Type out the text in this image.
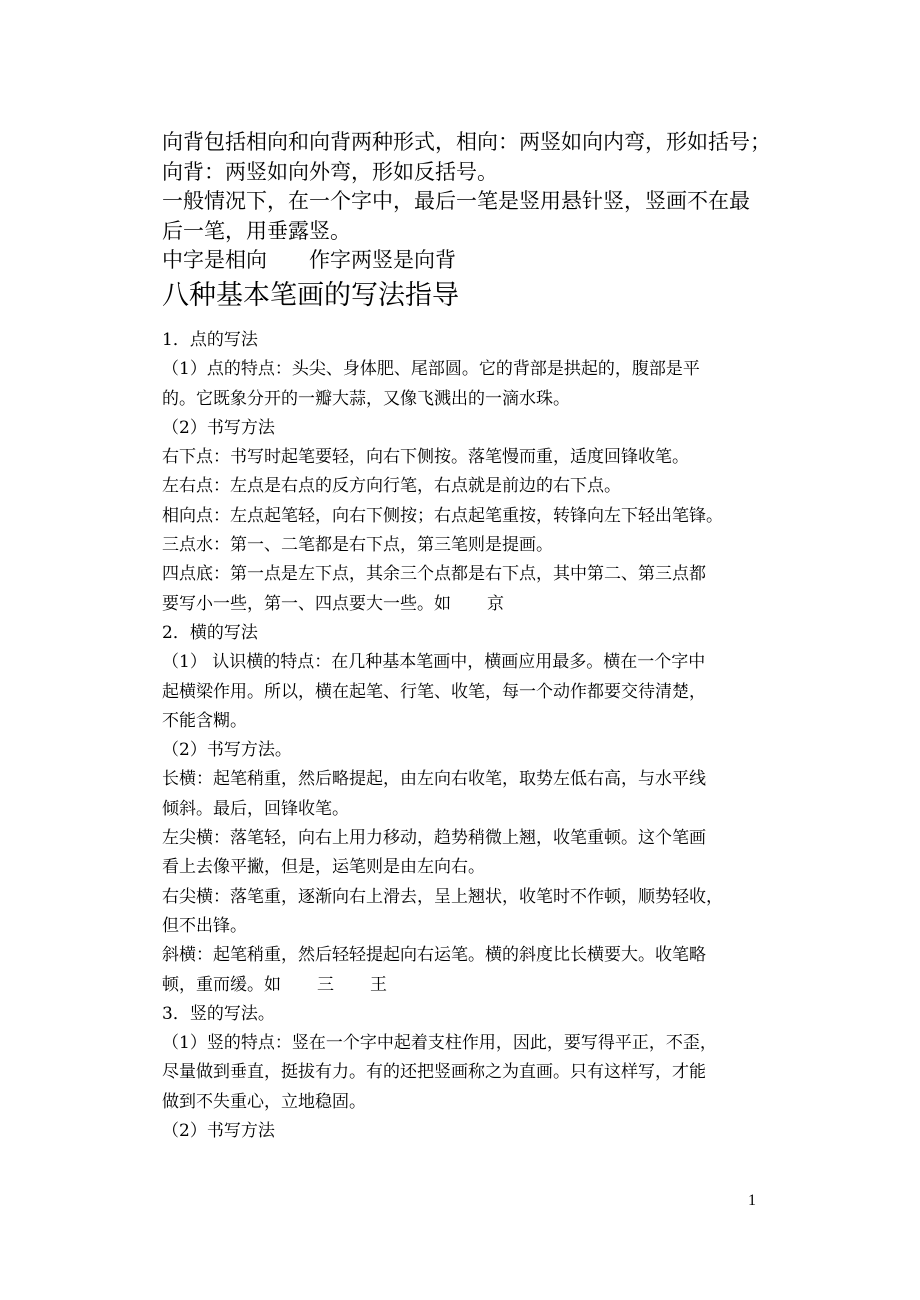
向背包括相向和向背两种形式，相向：两竖如向内弯，形如括号；

向背：两竖如向外弯，形如反括号。

一般情况下，在一个字中，最后一笔是竖用悬针竖，竖画不在最

后一笔，用垂露竖。

中字是相向 作字两竖是向背

八种基本笔画的写法指导

1．点的写法

（1）点的特点：头尖、身体肥、尾部圆。它的背部是拱起的，腹部是平

的。它既象分开的一瓣大蒜，又像飞溅出的一滴水珠。

（2）书写方法

右下点：书写时起笔要轻，向右下侧按。落笔慢而重，适度回锋收笔。

左右点：左点是右点的反方向行笔，右点就是前边的右下点。

相向点：左点起笔轻，向右下侧按；右点起笔重按，转锋向左下轻出笔锋。

三点水：第一、二笔都是右下点，第三笔则是提画。

四点底：第一点是左下点，其余三个点都是右下点，其中第二、第三点都

要写小一些，第一、四点要大一些。如 京

2．横的写法

（1） 认识横的特点：在几种基本笔画中，横画应用最多。横在一个字中

起横梁作用。所以，横在起笔、行笔、收笔，每一个动作都要交待清楚，

不能含糊。

（2）书写方法。

长横：起笔稍重，然后略提起，由左向右收笔，取势左低右高，与水平线

倾斜。最后，回锋收笔。

左尖横：落笔轻，向右上用力移动，趋势稍微上翘，收笔重顿。这个笔画

看上去像平撇，但是，运笔则是由左向右。

右尖横：落笔重，逐渐向右上滑去，呈上翘状，收笔时不作顿，顺势轻收，

但不出锋。

斜横：起笔稍重，然后轻轻提起向右运笔。横的斜度比长横要大。收笔略

顿，重而缓。如 三 王

3．竖的写法。

（1）竖的特点：竖在一个字中起着支柱作用，因此，要写得平正，不歪，

尽量做到垂直，挺拔有力。有的还把竖画称之为直画。只有这样写，才能

做到不失重心，立地稳固。

（2）书写方法

1
